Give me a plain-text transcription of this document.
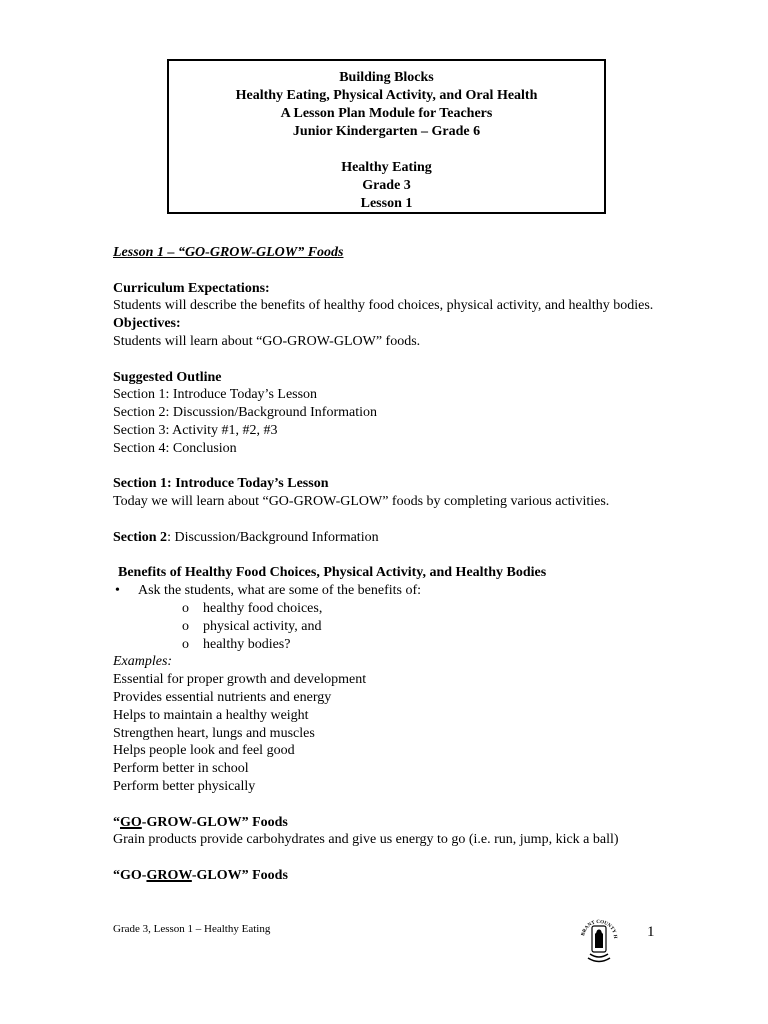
Building Blocks
Healthy Eating, Physical Activity, and Oral Health
A Lesson Plan Module for Teachers
Junior Kindergarten – Grade 6
Healthy Eating
Grade 3
Lesson 1
Lesson 1 – “GO-GROW-GLOW” Foods
Curriculum Expectations:
Students will describe the benefits of healthy food choices, physical activity, and healthy bodies.
Objectives:
Students will learn about “GO-GROW-GLOW” foods.
Suggested Outline
Section 1: Introduce Today’s Lesson
Section 2: Discussion/Background Information
Section 3: Activity #1, #2, #3
Section 4: Conclusion
Section 1: Introduce Today’s Lesson
Today we will learn about “GO-GROW-GLOW” foods by completing various activities.
Section 2: Discussion/Background Information
Benefits of Healthy Food Choices, Physical Activity, and Healthy Bodies
• Ask the students, what are some of the benefits of:
o healthy food choices,
o physical activity, and
o healthy bodies?
Examples:
Essential for proper growth and development
Provides essential nutrients and energy
Helps to maintain a healthy weight
Strengthen heart, lungs and muscles
Helps people look and feel good
Perform better in school
Perform better physically
“GO-GROW-GLOW” Foods
Grain products provide carbohydrates and give us energy to go (i.e. run, jump, kick a ball)
“GO-GROW-GLOW” Foods
Grade 3, Lesson 1 – Healthy Eating	BRANT COUNTY H 1
